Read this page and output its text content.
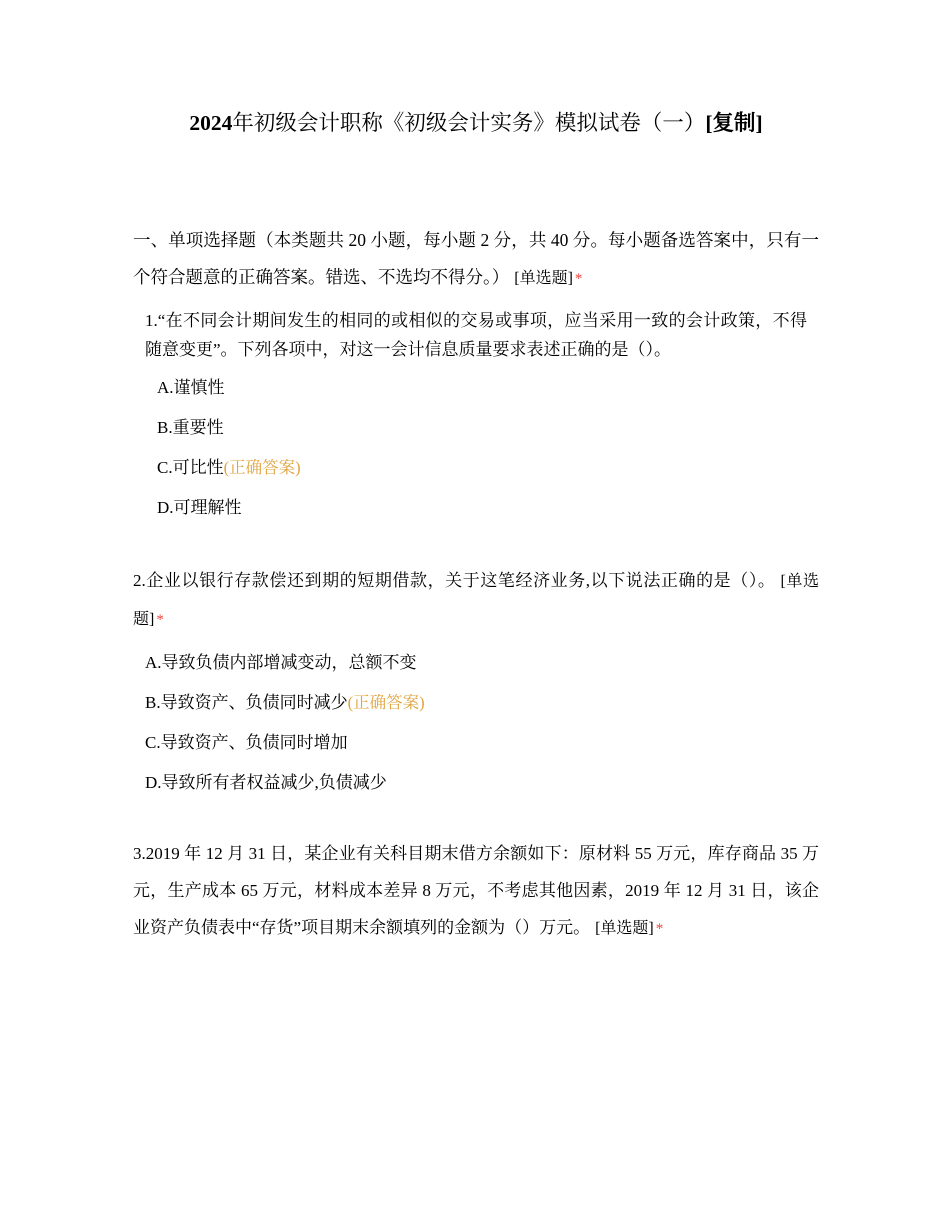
2024年初级会计职称《初级会计实务》模拟试卷（一）[复制]

一、单项选择题（本类题共 20 小题，每小题 2 分，共 40 分。每小题备选答案中，只有一个符合题意的正确答案。错选、不选均不得分。） [单选题] *

1.“在不同会计期间发生的相同的或相似的交易或事项，应当采用一致的会计政策，不得随意变更”。下列各项中，对这一会计信息质量要求表述正确的是（）。

A.谨慎性
B.重要性
C.可比性(正确答案)
D.可理解性

2.企业以银行存款偿还到期的短期借款，关于这笔经济业务,以下说法正确的是（）。 [单选题] *

A.导致负债内部增减变动，总额不变
B.导致资产、负债同时减少(正确答案)
C.导致资产、负债同时增加
D.导致所有者权益减少,负债减少

3.2019 年 12 月 31 日，某企业有关科目期末借方余额如下：原材料 55 万元，库存商品 35 万元，生产成本 65 万元，材料成本差异 8 万元，不考虑其他因素，2019 年 12 月 31 日，该企业资产负债表中“存货”项目期末余额填列的金额为（）万元。 [单选题] *
